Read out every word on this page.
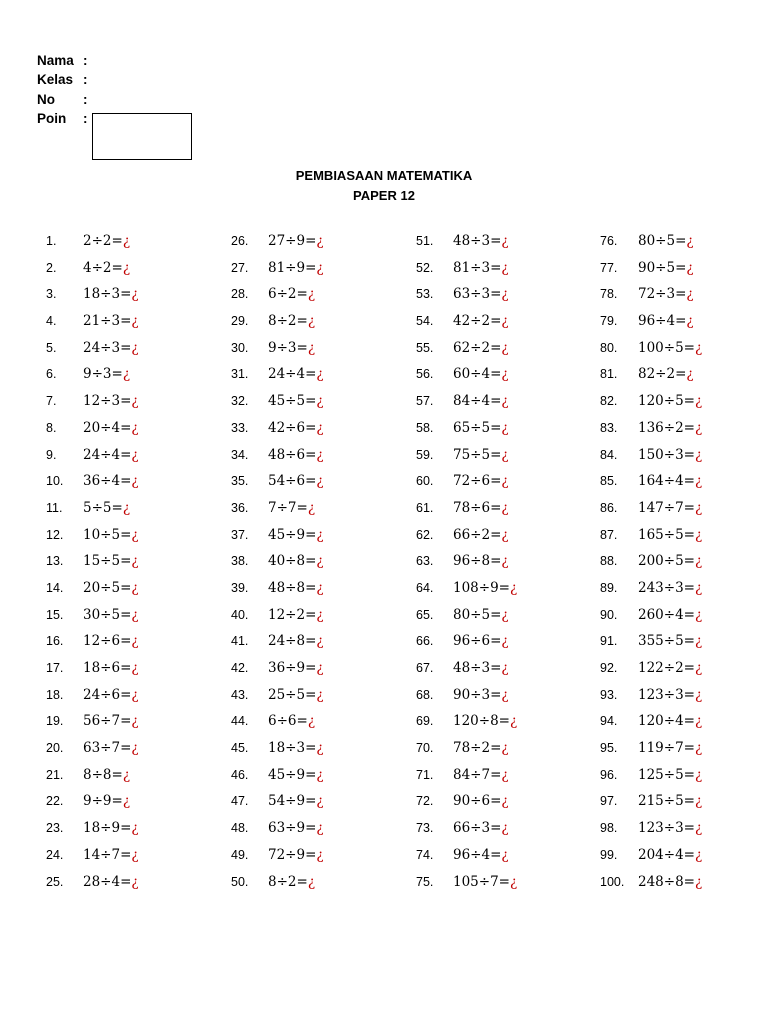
Nama :
Kelas :
No :
Poin :
PEMBIASAAN MATEMATIKA
PAPER 12
1. 2÷2=¿
2. 4÷2=¿
3. 18÷3=¿
4. 21÷3=¿
5. 24÷3=¿
6. 9÷3=¿
7. 12÷3=¿
8. 20÷4=¿
9. 24÷4=¿
10. 36÷4=¿
11. 5÷5=¿
12. 10÷5=¿
13. 15÷5=¿
14. 20÷5=¿
15. 30÷5=¿
16. 12÷6=¿
17. 18÷6=¿
18. 24÷6=¿
19. 56÷7=¿
20. 63÷7=¿
21. 8÷8=¿
22. 9÷9=¿
23. 18÷9=¿
24. 14÷7=¿
25. 28÷4=¿
26. 27÷9=¿
27. 81÷9=¿
28. 6÷2=¿
29. 8÷2=¿
30. 9÷3=¿
31. 24÷4=¿
32. 45÷5=¿
33. 42÷6=¿
34. 48÷6=¿
35. 54÷6=¿
36. 7÷7=¿
37. 45÷9=¿
38. 40÷8=¿
39. 48÷8=¿
40. 12÷2=¿
41. 24÷8=¿
42. 36÷9=¿
43. 25÷5=¿
44. 6÷6=¿
45. 18÷3=¿
46. 45÷9=¿
47. 54÷9=¿
48. 63÷9=¿
49. 72÷9=¿
50. 8÷2=¿
51. 48÷3=¿
52. 81÷3=¿
53. 63÷3=¿
54. 42÷2=¿
55. 62÷2=¿
56. 60÷4=¿
57. 84÷4=¿
58. 65÷5=¿
59. 75÷5=¿
60. 72÷6=¿
61. 78÷6=¿
62. 66÷2=¿
63. 96÷8=¿
64. 108÷9=¿
65. 80÷5=¿
66. 96÷6=¿
67. 48÷3=¿
68. 90÷3=¿
69. 120÷8=¿
70. 78÷2=¿
71. 84÷7=¿
72. 90÷6=¿
73. 66÷3=¿
74. 96÷4=¿
75. 105÷7=¿
76. 80÷5=¿
77. 90÷5=¿
78. 72÷3=¿
79. 96÷4=¿
80. 100÷5=¿
81. 82÷2=¿
82. 120÷5=¿
83. 136÷2=¿
84. 150÷3=¿
85. 164÷4=¿
86. 147÷7=¿
87. 165÷5=¿
88. 200÷5=¿
89. 243÷3=¿
90. 260÷4=¿
91. 355÷5=¿
92. 122÷2=¿
93. 123÷3=¿
94. 120÷4=¿
95. 119÷7=¿
96. 125÷5=¿
97. 215÷5=¿
98. 123÷3=¿
99. 204÷4=¿
100. 248÷8=¿
